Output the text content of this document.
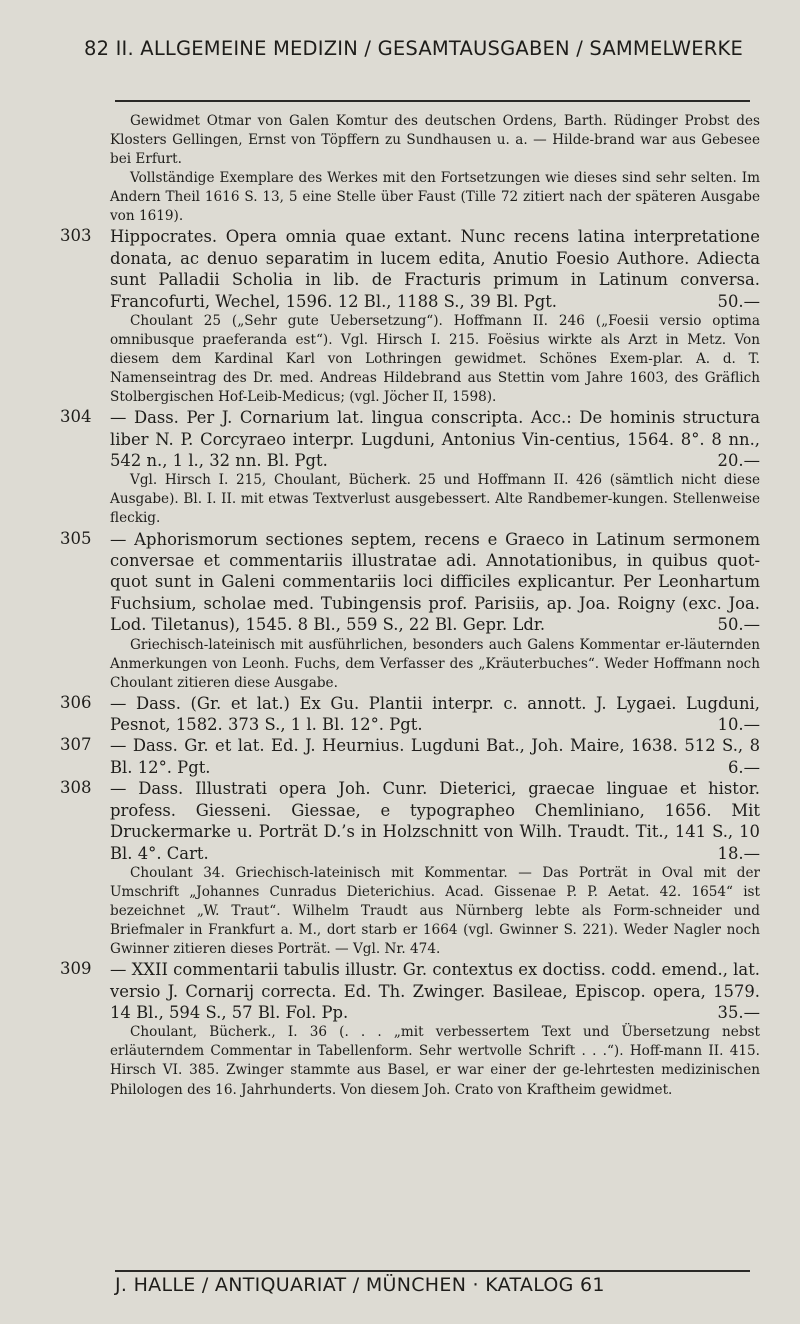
82 II. ALLGEMEINE MEDIZIN / GESAMTAUSGABEN / SAMMELWERKE

Gewidmet Otmar von Galen Komtur des deutschen Ordens, Barth. Rüdinger Probst des Klosters Gellingen, Ernst von Töpffern zu Sundhausen u. a. — Hilde-brand war aus Gebesee bei Erfurt.

Vollständige Exemplare des Werkes mit den Fortsetzungen wie dieses sind sehr selten. Im Andern Theil 1616 S. 13, 5 eine Stelle über Faust (Tille 72 zitiert nach der späteren Ausgabe von 1619).

303 Hippocrates. Opera omnia quae extant. Nunc recens latina interpretatione donata, ac denuo separatim in lucem edita, Anutio Foesio Authore. Adiecta sunt Palladii Scholia in lib. de Fracturis primum in Latinum conversa. Francofurti, Wechel, 1596. 12 Bl., 1188 S., 39 Bl. Pgt.	50.—

Choulant 25 („Sehr gute Uebersetzung“). Hoffmann II. 246 („Foesii versio optima omnibusque praeferanda est“). Vgl. Hirsch I. 215. Foësius wirkte als Arzt in Metz. Von diesem dem Kardinal Karl von Lothringen gewidmet. Schönes Exem-plar. A. d. T. Namenseintrag des Dr. med. Andreas Hildebrand aus Stettin vom Jahre 1603, des Gräflich Stolbergischen Hof-Leib-Medicus; (vgl. Jöcher II, 1598).

304 — Dass. Per J. Cornarium lat. lingua conscripta. Acc.: De hominis structura liber N. P. Corcyraeo interpr. Lugduni, Antonius Vin-centius, 1564. 8°. 8 nn., 542 n., 1 l., 32 nn. Bl. Pgt.	20.—

Vgl. Hirsch I. 215, Choulant, Bücherk. 25 und Hoffmann II. 426 (sämtlich nicht diese Ausgabe). Bl. I. II. mit etwas Textverlust ausgebessert. Alte Randbemer-kungen. Stellenweise fleckig.

305 — Aphorismorum sectiones septem, recens e Graeco in Latinum sermonem conversae et commentariis illustratae adi. Annotationibus, in quibus quot-quot sunt in Galeni commentariis loci difficiles explicantur. Per Leonhartum Fuchsium, scholae med. Tubingensis prof. Parisiis, ap. Joa. Roigny (exc. Joa. Lod. Tiletanus), 1545. 8 Bl., 559 S., 22 Bl. Gepr. Ldr.	50.—

Griechisch-lateinisch mit ausführlichen, besonders auch Galens Kommentar er-läuternden Anmerkungen von Leonh. Fuchs, dem Verfasser des „Kräuterbuches“. Weder Hoffmann noch Choulant zitieren diese Ausgabe.

306 — Dass. (Gr. et lat.) Ex Gu. Plantii interpr. c. annott. J. Lygaei. Lugduni, Pesnot, 1582. 373 S., 1 l. Bl. 12°. Pgt.	10.—

307 — Dass. Gr. et lat. Ed. J. Heurnius. Lugduni Bat., Joh. Maire, 1638. 512 S., 8 Bl. 12°. Pgt.	6.—

308 — Dass. Illustrati opera Joh. Cunr. Dieterici, graecae linguae et histor. profess. Giesseni. Giessae, e typographeo Chemliniano, 1656. Mit Druckermarke u. Porträt D.’s in Holzschnitt von Wilh. Traudt. Tit., 141 S., 10 Bl. 4°. Cart.	18.—

Choulant 34. Griechisch-lateinisch mit Kommentar. — Das Porträt in Oval mit der Umschrift „Johannes Cunradus Dieterichius. Acad. Gissenae P. P. Aetat. 42. 1654“ ist bezeichnet „W. Traut“. Wilhelm Traudt aus Nürnberg lebte als Form-schneider und Briefmaler in Frankfurt a. M., dort starb er 1664 (vgl. Gwinner S. 221). Weder Nagler noch Gwinner zitieren dieses Porträt. — Vgl. Nr. 474.

309 — XXII commentarii tabulis illustr. Gr. contextus ex doctiss. codd. emend., lat. versio J. Cornarij correcta. Ed. Th. Zwinger. Basileae, Episcop. opera, 1579. 14 Bl., 594 S., 57 Bl. Fol. Pp.	35.—

Choulant, Bücherk., I. 36 (. . . „mit verbessertem Text und Übersetzung nebst erläuterndem Commentar in Tabellenform. Sehr wertvolle Schrift . . .“). Hoff-mann II. 415. Hirsch VI. 385. Zwinger stammte aus Basel, er war einer der ge-lehrtesten medizinischen Philologen des 16. Jahrhunderts. Von diesem Joh. Crato von Kraftheim gewidmet.

J. HALLE / ANTIQUARIAT / MÜNCHEN · KATALOG 61
